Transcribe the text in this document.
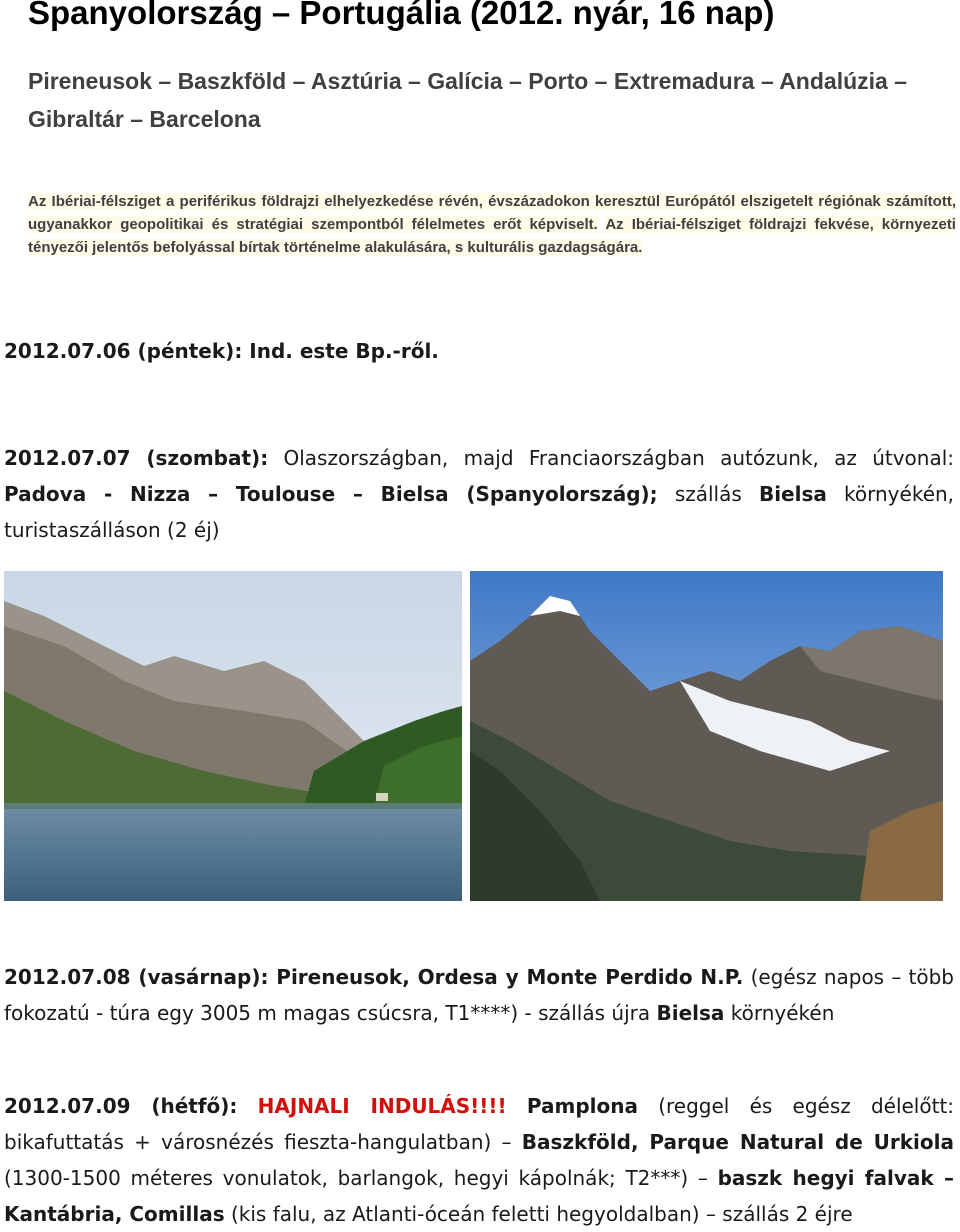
Spanyolország – Portugália (2012. nyár, 16 nap)
Pireneusok – Baszkföld – Asztúria – Galícia – Porto – Extremadura – Andalúzia –
Gibraltár – Barcelona
Az Ibériai-félsziget a periférikus földrajzi elhelyezkedése révén, évszázadokon keresztül Európától elszigetelt régiónak számított, ugyanakkor geopolitikai és stratégiai szempontból félelmetes erőt képviselt. Az Ibériai-félsziget földrajzi fekvése, környezeti tényezői jelentős befolyással bírtak történelme alakulására, s kulturális gazdagságára.
2012.07.06 (péntek): Ind. este Bp.-ről.
2012.07.07 (szombat): Olaszországban, majd Franciaországban autózunk, az útvonal: Padova - Nizza – Toulouse – Bielsa (Spanyolország); szállás Bielsa környékén, turistaszálláson (2 éj)
2012.07.08 (vasárnap): Pireneusok, Ordesa y Monte Perdido N.P. (egész napos – több fokozatú - túra egy 3005 m magas csúcsra, T1****) - szállás újra Bielsa környékén
2012.07.09 (hétfő): HAJNALI INDULÁS!!!! Pamplona (reggel és egész délelőtt: bikafuttatás + városnézés fieszta-hangulatban) – Baszkföld, Parque Natural de Urkiola (1300-1500 méteres vonulatok, barlangok, hegyi kápolnák; T2***) – baszk hegyi falvak – Kantábria, Comillas (kis falu, az Atlanti-óceán feletti hegyoldalban) – szállás 2 éjre
